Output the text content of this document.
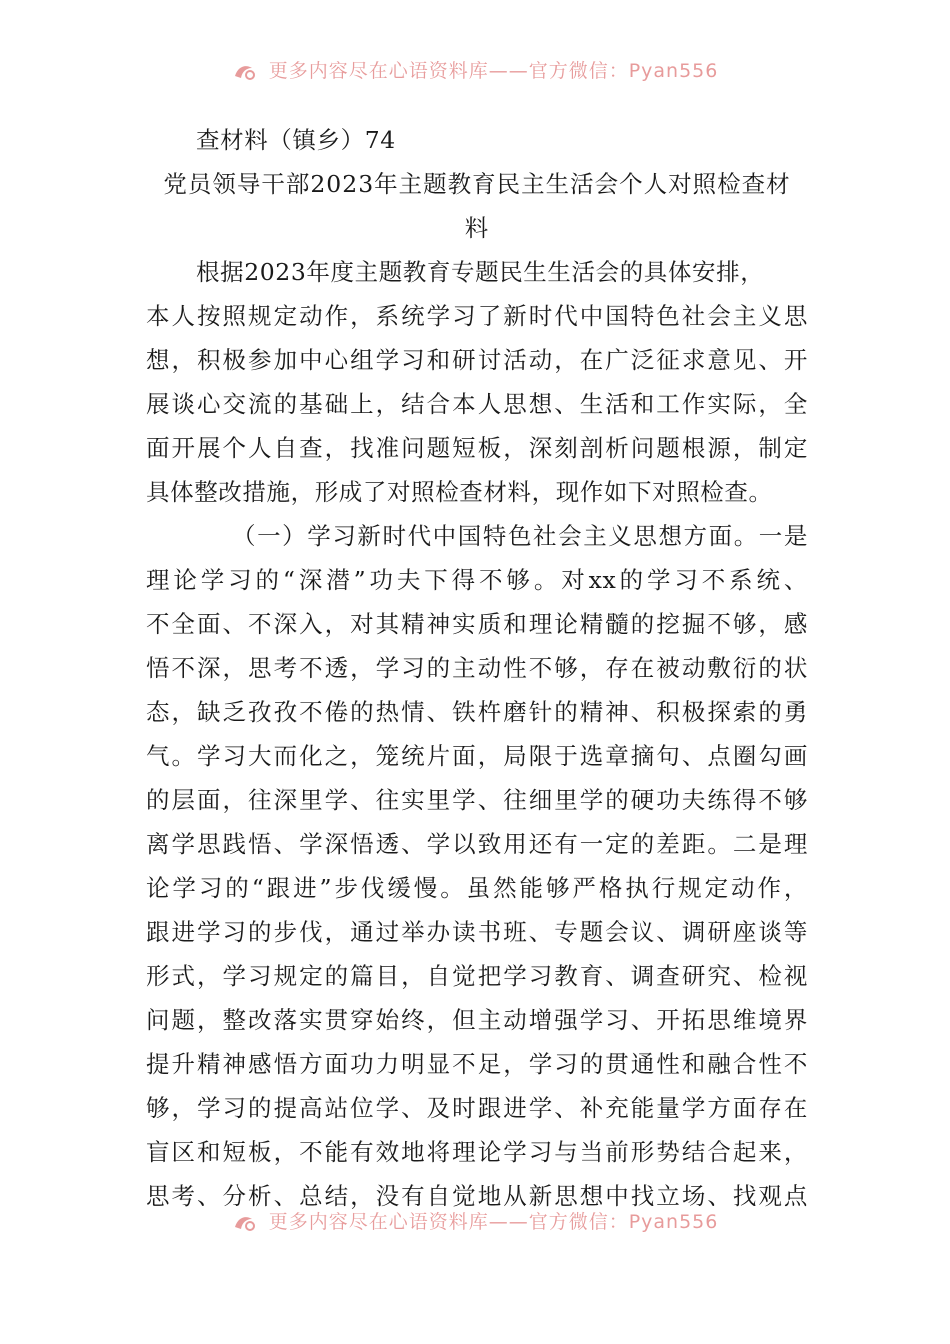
更多内容尽在心语资料库——官方微信：Pyan556
查材料（镇乡）74
党员领导干部2023年主题教育民主生活会个人对照检查材
料
根据2023年度主题教育专题民生生活会的具体安排，
本人按照规定动作，系统学习了新时代中国特色社会主义思
想，积极参加中心组学习和研讨活动，在广泛征求意见、开
展谈心交流的基础上，结合本人思想、生活和工作实际，全
面开展个人自查，找准问题短板，深刻剖析问题根源，制定
具体整改措施，形成了对照检查材料，现作如下对照检查。
（一）学习新时代中国特色社会主义思想方面。一是
理论学习的“深潜”功夫下得不够。对xx的学习不系统、
不全面、不深入，对其精神实质和理论精髓的挖掘不够，感
悟不深，思考不透，学习的主动性不够，存在被动敷衍的状
态，缺乏孜孜不倦的热情、铁杵磨针的精神、积极探索的勇
气。学习大而化之，笼统片面，局限于选章摘句、点圈勾画
的层面，往深里学、往实里学、往细里学的硬功夫练得不够
离学思践悟、学深悟透、学以致用还有一定的差距。二是理
论学习的“跟进”步伐缓慢。虽然能够严格执行规定动作，
跟进学习的步伐，通过举办读书班、专题会议、调研座谈等
形式，学习规定的篇目，自觉把学习教育、调查研究、检视
问题，整改落实贯穿始终，但主动增强学习、开拓思维境界
提升精神感悟方面功力明显不足，学习的贯通性和融合性不
够，学习的提高站位学、及时跟进学、补充能量学方面存在
盲区和短板，不能有效地将理论学习与当前形势结合起来，
思考、分析、总结，没有自觉地从新思想中找立场、找观点
更多内容尽在心语资料库——官方微信：Pyan556
